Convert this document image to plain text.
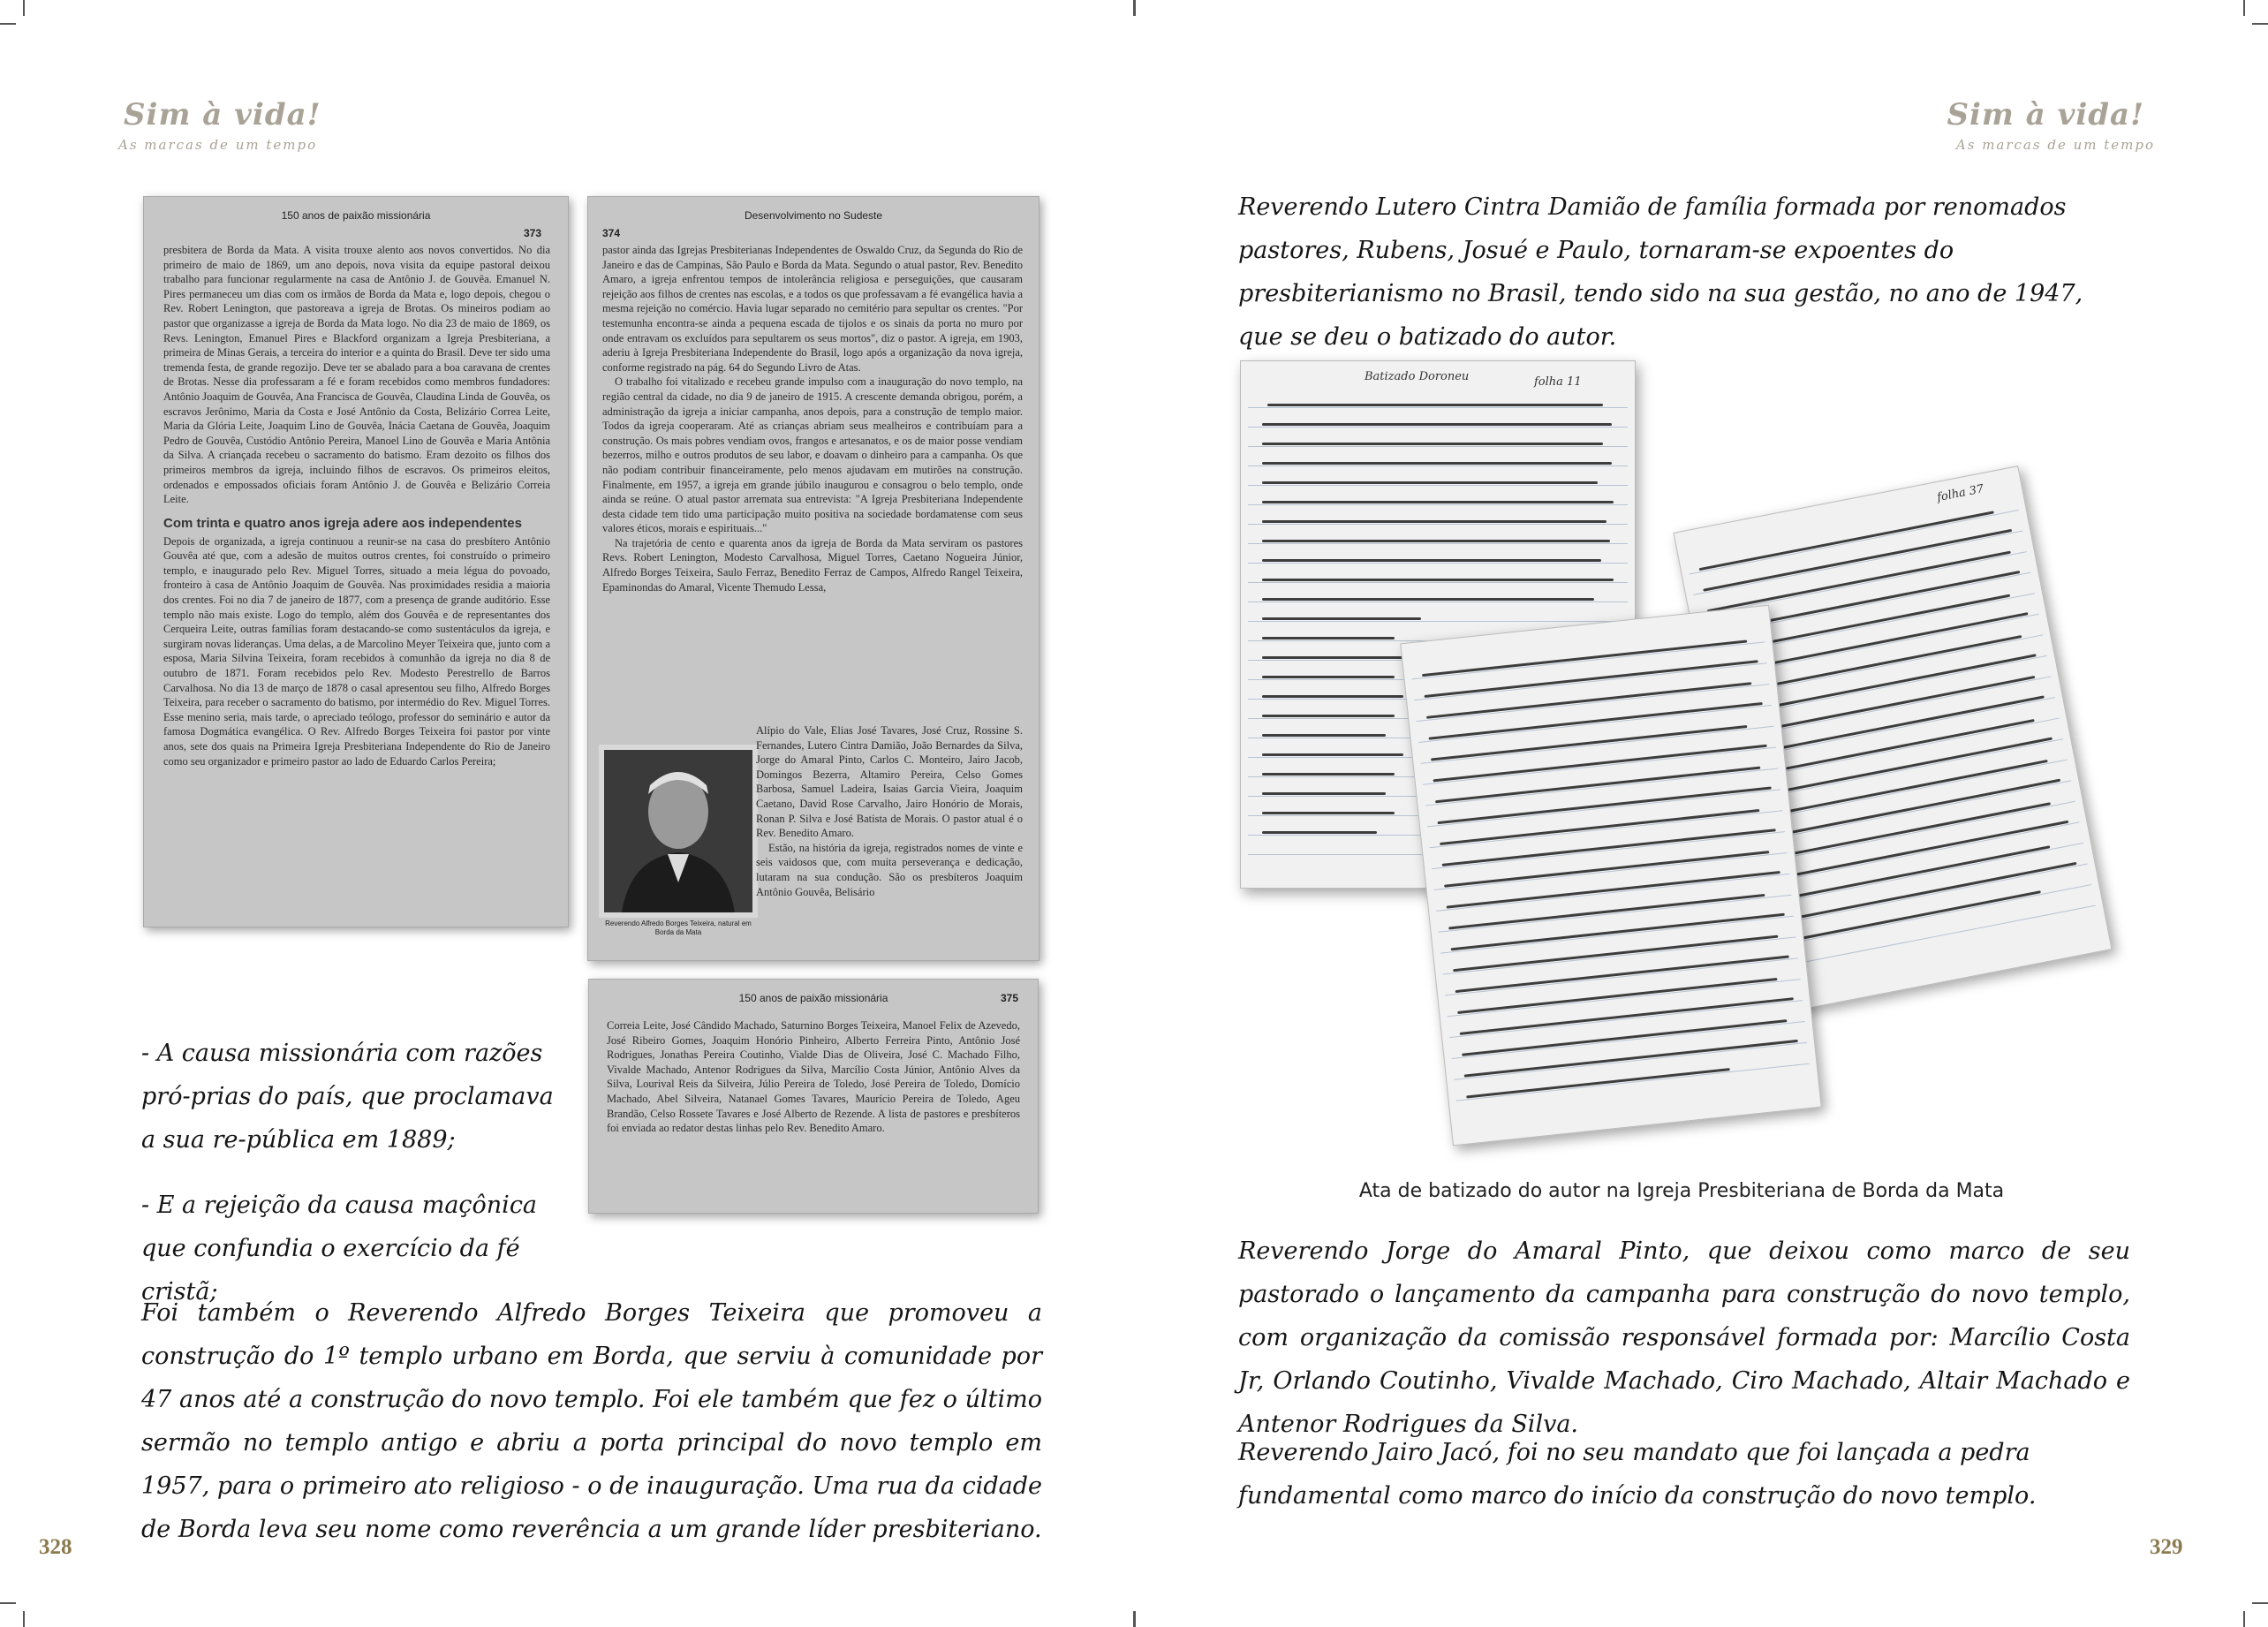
Sim à vida!
As marcas de um tempo
150 anos de paixão missionária
373
presbitera de Borda da Mata. A visita trouxe alento aos novos convertidos. No dia primeiro de maio de 1869, um ano depois, nova visita da equipe pastoral deixou trabalho para funcionar regularmente na casa de Antônio J. de Gouvêa. Emanuel N. Pires permaneceu um dias com os irmãos de Borda da Mata e, logo depois, chegou o Rev. Robert Lenington, que pastoreava a igreja de Brotas. Os mineiros podiam ao pastor que organizasse a igreja de Borda da Mata logo. No dia 23 de maio de 1869, os Revs. Lenington, Emanuel Pires e Blackford organizam a Igreja Presbiteriana, a primeira de Minas Gerais, a terceira do interior e a quinta do Brasil. Deve ter sido uma tremenda festa, de grande regozijo. Deve ter se abalado para a boa caravana de crentes de Brotas. Nesse dia professaram a fé e foram recebidos como membros fundadores: Antônio Joaquim de Gouvêa, Ana Francisca de Gouvêa, Claudina Linda de Gouvêa, os escravos Jerônimo, Maria da Costa e José Antônio da Costa, Belizário Correa Leite, Maria da Glória Leite, Joaquim Lino de Gouvêa, Inácia Caetana de Gouvêa, Joaquim Pedro de Gouvêa, Custódio Antônio Pereira, Manoel Lino de Gouvêa e Maria Antônia da Silva. A criançada recebeu o sacramento do batismo. Eram dezoito os filhos dos primeiros membros da igreja, incluindo filhos de escravos. Os primeiros eleitos, ordenados e empossados oficiais foram Antônio J. de Gouvêa e Belizário Correia Leite.
Com trinta e quatro anos igreja adere aos independentes
Depois de organizada, a igreja continuou a reunir-se na casa do presbítero Antônio Gouvêa até que, com a adesão de muitos outros crentes, foi construído o primeiro templo, e inaugurado pelo Rev. Miguel Torres, situado a meia légua do povoado, fronteiro à casa de Antônio Joaquim de Gouvêa. Nas proximidades residia a maioria dos crentes. Foi no dia 7 de janeiro de 1877, com a presença de grande auditório. Esse templo não mais existe. Logo do templo, além dos Gouvêa e de representantes dos Cerqueira Leite, outras famílias foram destacando-se como sustentáculos da igreja, e surgiram novas lideranças. Uma delas, a de Marcolino Meyer Teixeira que, junto com a esposa, Maria Silvina Teixeira, foram recebidos à comunhão da igreja no dia 8 de outubro de 1871. Foram recebidos pelo Rev. Modesto Perestrello de Barros Carvalhosa. No dia 13 de março de 1878 o casal apresentou seu filho, Alfredo Borges Teixeira, para receber o sacramento do batismo, por intermédio do Rev. Miguel Torres. Esse menino seria, mais tarde, o apreciado teólogo, professor do seminário e autor da famosa Dogmática evangélica. O Rev. Alfredo Borges Teixeira foi pastor por vinte anos, sete dos quais na Primeira Igreja Presbiteriana Independente do Rio de Janeiro como seu organizador e primeiro pastor ao lado de Eduardo Carlos Pereira;
374
Desenvolvimento no Sudeste
pastor ainda das Igrejas Presbiterianas Independentes de Oswaldo Cruz, da Segunda do Rio de Janeiro e das de Campinas, São Paulo e Borda da Mata. Segundo o atual pastor, Rev. Benedito Amaro, a igreja enfrentou tempos de intolerância religiosa e perseguições, que causaram rejeição aos filhos de crentes nas escolas, e a todos os que professavam a fé evangélica havia a mesma rejeição no comércio. Havia lugar separado no cemitério para sepultar os crentes. "Por testemunha encontra-se ainda a pequena escada de tijolos e os sinais da porta no muro por onde entravam os excluídos para sepultarem os seus mortos", diz o pastor. A igreja, em 1903, aderiu à Igreja Presbiteriana Independente do Brasil, logo após a organização da nova igreja, conforme registrado na pág. 64 do Segundo Livro de Atas.
O trabalho foi vitalizado e recebeu grande impulso com a inauguração do novo templo, na região central da cidade, no dia 9 de janeiro de 1915. A crescente demanda obrigou, porém, a administração da igreja a iniciar campanha, anos depois, para a construção de templo maior. Todos da igreja cooperaram. Até as crianças abriam seus mealheiros e contribuíam para a construção. Os mais pobres vendiam ovos, frangos e artesanatos, e os de maior posse vendiam bezerros, milho e outros produtos de seu labor, e doavam o dinheiro para a campanha. Os que não podiam contribuir financeiramente, pelo menos ajudavam em mutirões na construção. Finalmente, em 1957, a igreja em grande júbilo inaugurou e consagrou o belo templo, onde ainda se reúne. O atual pastor arremata sua entrevista: "A Igreja Presbiteriana Independente desta cidade tem tido uma participação muito positiva na sociedade bordamatense com seus valores éticos, morais e espirituais..."
Na trajetória de cento e quarenta anos da igreja de Borda da Mata serviram os pastores Revs. Robert Lenington, Modesto Carvalhosa, Miguel Torres, Caetano Nogueira Júnior, Alfredo Borges Teixeira, Saulo Ferraz, Benedito Ferraz de Campos, Alfredo Rangel Teixeira, Epaminondas do Amaral, Vicente Themudo Lessa,
Reverendo Alfredo Borges Teixeira, natural em Borda da Mata
Alípio do Vale, Elias José Tavares, José Cruz, Rossine S. Fernandes, Lutero Cintra Damião, João Bernardes da Silva, Jorge do Amaral Pinto, Carlos C. Monteiro, Jairo Jacob, Domingos Bezerra, Altamiro Pereira, Celso Gomes Barbosa, Samuel Ladeira, Isaias Garcia Vieira, Joaquim Caetano, David Rose Carvalho, Jairo Honório de Morais, Ronan P. Silva e José Batista de Morais. O pastor atual é o Rev. Benedito Amaro.
Estão, na história da igreja, registrados nomes de vinte e seis vaidosos que, com muita perseverança e dedicação, lutaram na sua condução. São os presbíteros Joaquim Antônio Gouvêa, Belisário
150 anos de paixão missionária	375
Correia Leite, José Cândido Machado, Saturnino Borges Teixeira, Manoel Felix de Azevedo, José Ribeiro Gomes, Joaquim Honório Pinheiro, Alberto Ferreira Pinto, Antônio José Rodrigues, Jonathas Pereira Coutinho, Vialde Dias de Oliveira, José C. Machado Filho, Vivalde Machado, Antenor Rodrigues da Silva, Marcílio Costa Júnior, Antônio Alves da Silva, Lourival Reis da Silveira, Júlio Pereira de Toledo, José Pereira de Toledo, Domício Machado, Abel Silveira, Natanael Gomes Tavares, Maurício Pereira de Toledo, Ageu Brandão, Celso Rossete Tavares e José Alberto de Rezende. A lista de pastores e presbíteros foi enviada ao redator destas linhas pelo Rev. Benedito Amaro.
- A causa missionária com razões pró-prias do país, que proclamava a sua re-pública em 1889;
- E a rejeição da causa maçônica que confundia o exercício da fé cristã;
Foi também o Reverendo Alfredo Borges Teixeira que promoveu a construção do 1º templo urbano em Borda, que serviu à comunidade por 47 anos até a construção do novo templo. Foi ele também que fez o último sermão no templo antigo e abriu a porta principal do novo templo em 1957, para o primeiro ato religioso - o de inauguração. Uma rua da cidade de Borda leva seu nome como reverência a um grande líder presbiteriano.
328
Sim à vida!
As marcas de um tempo
Reverendo Lutero Cintra Damião de família formada por renomados pastores, Rubens, Josué e Paulo, tornaram-se expoentes do presbiterianismo no Brasil, tendo sido na sua gestão, no ano de 1947, que se deu o batizado do autor.
Batizado Doroneu	folha 11
folha 37
Ata de batizado do autor na Igreja Presbiteriana de Borda da Mata
Reverendo Jorge do Amaral Pinto, que deixou como marco de seu pastorado o lançamento da campanha para construção do novo templo, com organização da comissão responsável formada por: Marcílio Costa Jr, Orlando Coutinho, Vivalde Machado, Ciro Machado, Altair Machado e Antenor Rodrigues da Silva.
Reverendo Jairo Jacó, foi no seu mandato que foi lançada a pedra fundamental como marco do início da construção do novo templo.
329
